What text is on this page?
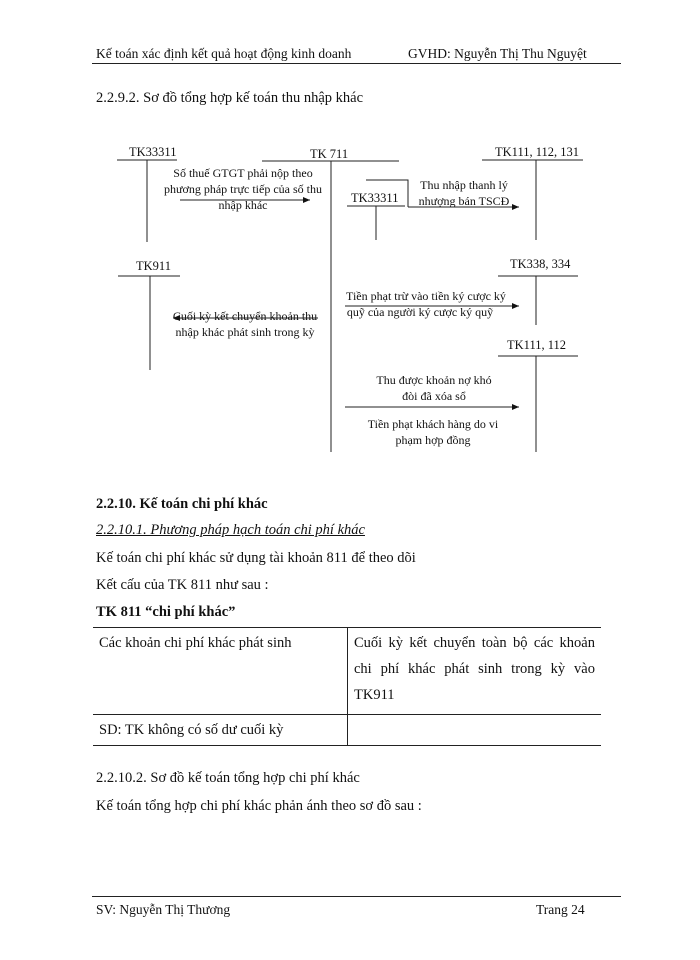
Kế toán xác định kết quả hoạt động kinh doanh	GVHD: Nguyễn Thị Thu Nguyệt
2.2.9.2. Sơ đồ tổng hợp kế toán thu nhập khác
TK33311	TK 711	TK111, 112, 131
Số thuế GTGT phải nộp theo
phương pháp trực tiếp của số thu
nhập khác	TK33311
Thu nhập thanh lý
nhượng bán TSCĐ
TK911
Cuối kỳ kết chuyển khoản thu
nhập khác phát sinh trong kỳ
TK338, 334
Tiền phạt trừ vào tiền ký cược ký
quỹ của người ký cược ký quỹ
TK111, 112
Thu được khoản nợ khó
đòi đã xóa sổ
Tiền phạt khách hàng do vi
phạm hợp đồng
2.2.10. Kế toán chi phí khác
2.2.10.1. Phương pháp hạch toán chi phí khác
Kế toán chi phí khác sử dụng tài khoản 811 để theo dõi
Kết cấu của TK 811 như sau :
TK 811 “chi phí khác”
Các khoản chi phí khác phát sinh	Cuối kỳ kết chuyển toàn bộ các khoản chi phí khác phát sinh trong kỳ vào TK911
SD: TK không có số dư cuối kỳ	
2.2.10.2. Sơ đồ kế toán tổng hợp chi phí khác
Kế toán tổng hợp chi phí khác phản ánh theo sơ đồ sau :
SV: Nguyễn Thị Thương	Trang 24
